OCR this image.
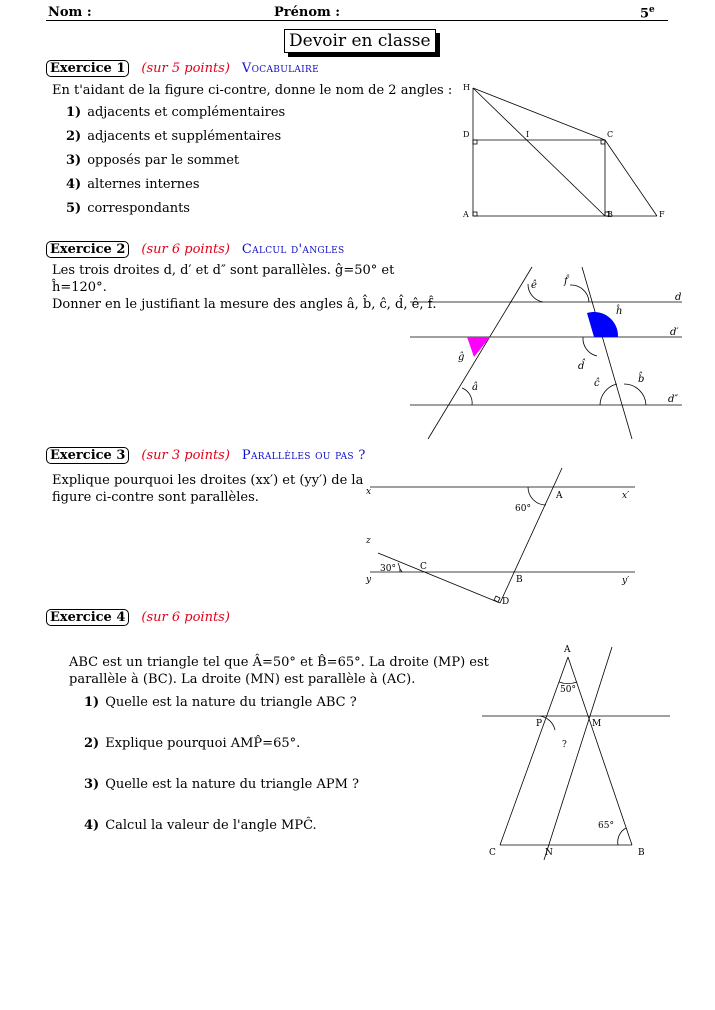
Nom :	Prénom :	5e
Devoir en classe
Exercice 1 (sur 5 points) Vocabulaire
En t'aidant de la figure ci-contre, donne le nom de 2 angles :
1) adjacents et complémentaires
2) adjacents et supplémentaires
3) opposés par le sommet
4) alternes internes
5) correspondants
H
D	I	C
A	B	F
Exercice 2 (sur 6 points) Calcul d'angles
Les trois droites d, d′ et d″ sont parallèles. ĝ=50° et
ĥ=120°.
Donner en le justifiant la mesure des angles â, b̂, ĉ, d̂, ê, f̂.	d
d′
d″
ê	f̂
ĥ
ĝ
d̂
ĉ	b̂
â
Exercice 3 (sur 3 points) Parallèles ou pas ?
Explique pourquoi les droites (xx′) et (yy′) de la
figure ci-contre sont parallèles.	x	x′
A
60°
z
30°	C
y	B	y′
D
Exercice 4 (sur 6 points)
ABC est un triangle tel que Â=50° et B̂=65°. La droite (MP) est
parallèle à (BC). La droite (MN) est parallèle à (AC).
1) Quelle est la nature du triangle ABC ?
2) Explique pourquoi AMP̂=65°.
3) Quelle est la nature du triangle APM ?
4) Calcul la valeur de l'angle MPĈ.
A
50°
P	M
?
65°
C	N	B
